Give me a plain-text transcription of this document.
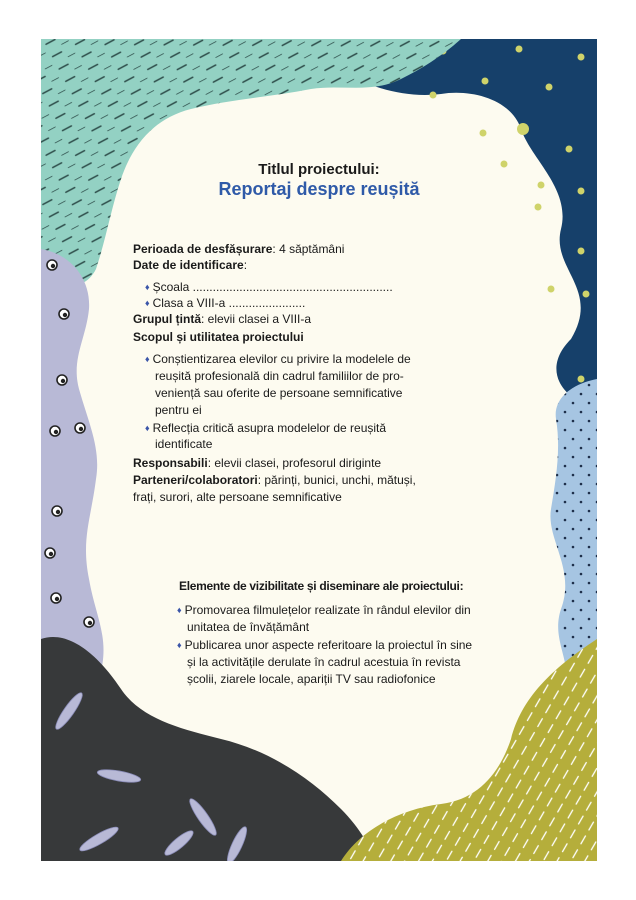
Titlul proiectului:
Reportaj despre reușită
Perioada de desfășurare: 4 săptămâni
Date de identificare:
♦ Școala ............................................................
♦ Clasa a VIII-a .......................
Grupul țintă: elevii clasei a VIII-a
Scopul și utilitatea proiectului
♦ Conștientizarea elevilor cu privire la modelele de
reușită profesională din cadrul familiilor de pro-
veniență sau oferite de persoane semnificative
pentru ei
♦ Reflecția critică asupra modelelor de reușită
identificate
Responsabili: elevii clasei, profesorul diriginte
Parteneri/colaboratori: părinți, bunici, unchi, mătuși,
frați, surori, alte persoane semnificative
Elemente de vizibilitate și diseminare ale proiectului:
♦ Promovarea filmulețelor realizate în rândul elevilor din
unitatea de învățământ
♦ Publicarea unor aspecte referitoare la proiectul în sine
și la activitățile derulate în cadrul acestuia în revista
școlii, ziarele locale, apariții TV sau radiofonice
